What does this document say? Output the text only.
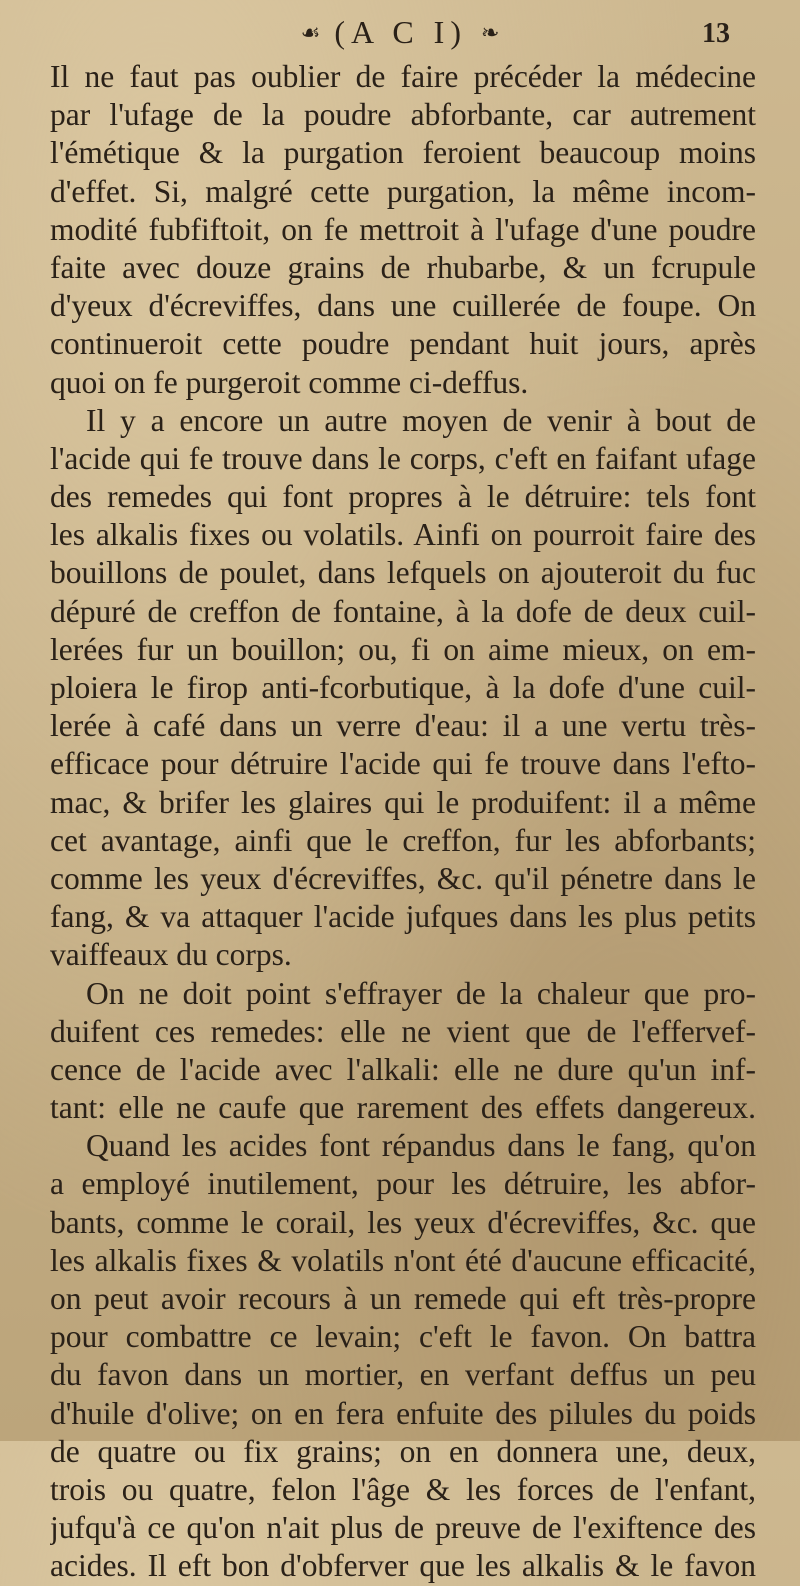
☙ (A C I) ❧	13
Il ne faut pas oublier de faire précéder la médecine
par l'ufage de la poudre abforbante, car autrement
l'émétique & la purgation feroient beaucoup moins
d'effet. Si, malgré cette purgation, la même incom-
modité fubfiftoit, on fe mettroit à l'ufage d'une poudre
faite avec douze grains de rhubarbe, & un fcrupule
d'yeux d'écreviffes, dans une cuillerée de foupe. On
continueroit cette poudre pendant huit jours, après
quoi on fe purgeroit comme ci-deffus.
Il y a encore un autre moyen de venir à bout de
l'acide qui fe trouve dans le corps, c'eft en faifant ufage
des remedes qui font propres à le détruire: tels font
les alkalis fixes ou volatils. Ainfi on pourroit faire des
bouillons de poulet, dans lefquels on ajouteroit du fuc
dépuré de creffon de fontaine, à la dofe de deux cuil-
lerées fur un bouillon; ou, fi on aime mieux, on em-
ploiera le firop anti-fcorbutique, à la dofe d'une cuil-
lerée à café dans un verre d'eau: il a une vertu très-
efficace pour détruire l'acide qui fe trouve dans l'efto-
mac, & brifer les glaires qui le produifent: il a même
cet avantage, ainfi que le creffon, fur les abforbants;
comme les yeux d'écreviffes, &c. qu'il pénetre dans le
fang, & va attaquer l'acide jufques dans les plus petits
vaiffeaux du corps.
On ne doit point s'effrayer de la chaleur que pro-
duifent ces remedes: elle ne vient que de l'effervef-
cence de l'acide avec l'alkali: elle ne dure qu'un inf-
tant: elle ne caufe que rarement des effets dangereux.
Quand les acides font répandus dans le fang, qu'on
a employé inutilement, pour les détruire, les abfor-
bants, comme le corail, les yeux d'écreviffes, &c. que
les alkalis fixes & volatils n'ont été d'aucune efficacité,
on peut avoir recours à un remede qui eft très-propre
pour combattre ce levain; c'eft le favon. On battra
du favon dans un mortier, en verfant deffus un peu
d'huile d'olive; on en fera enfuite des pilules du poids
de quatre ou fix grains; on en donnera une, deux,
trois ou quatre, felon l'âge & les forces de l'enfant,
jufqu'à ce qu'on n'ait plus de preuve de l'exiftence des
acides. Il eft bon d'obferver que les alkalis & le favon
